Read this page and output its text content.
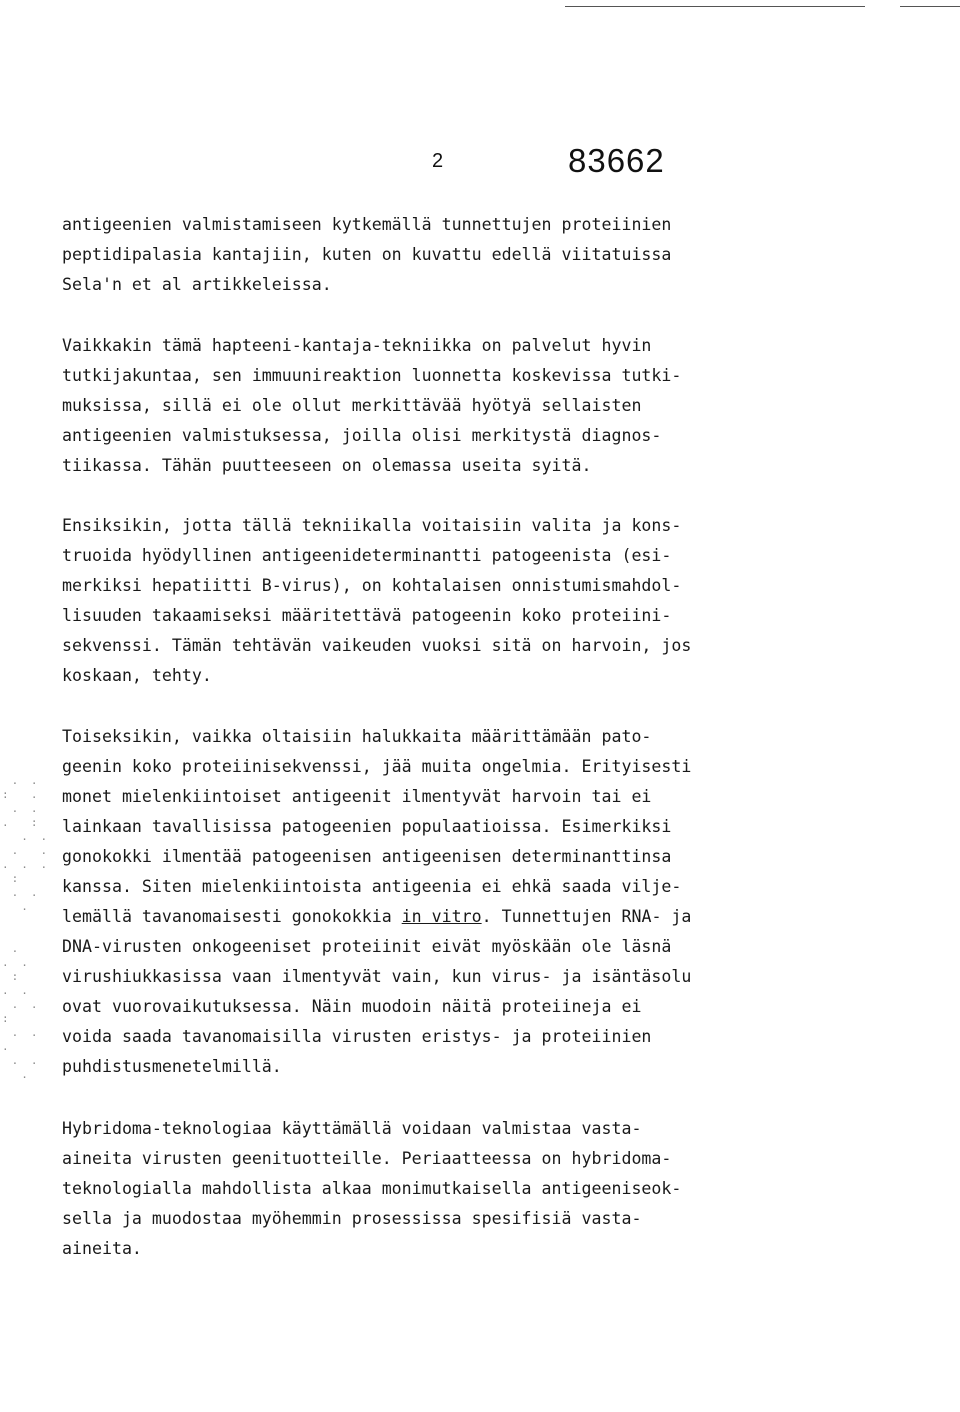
2	83662
antigeenien valmistamiseen kytkemällä tunnettujen proteiinien
peptidipalasia kantajiin, kuten on kuvattu edellä viitatuissa
Sela'n et al artikkeleissa.
Vaikkakin tämä hapteeni-kantaja-tekniikka on palvelut hyvin
tutkijakuntaa, sen immuunireaktion luonnetta koskevissa tutki-
muksissa, sillä ei ole ollut merkittävää hyötyä sellaisten
antigeenien valmistuksessa, joilla olisi merkitystä diagnos-
tiikassa. Tähän puutteeseen on olemassa useita syitä.
Ensiksikin, jotta tällä tekniikalla voitaisiin valita ja kons-
truoida hyödyllinen antigeenideterminantti patogeenista (esi-
merkiksi hepatiitti B-virus), on kohtalaisen onnistumismahdol-
lisuuden takaamiseksi määritettävä patogeenin koko proteiini-
sekvenssi. Tämän tehtävän vaikeuden vuoksi sitä on harvoin, jos
koskaan, tehty.
Toiseksikin, vaikka oltaisiin halukkaita määrittämään pato-
geenin koko proteiinisekvenssi, jää muita ongelmia. Erityisesti
monet mielenkiintoiset antigeenit ilmentyvät harvoin tai ei
lainkaan tavallisissa patogeenien populaatioissa. Esimerkiksi
gonokokki ilmentää patogeenisen antigeenisen determinanttinsa
kanssa. Siten mielenkiintoista antigeenia ei ehkä saada vilje-
lemällä tavanomaisesti gonokokkia in vitro. Tunnettujen RNA- ja
DNA-virusten onkogeeniset proteiinit eivät myöskään ole läsnä
virushiukkasissa vaan ilmentyvät vain, kun virus- ja isäntäsolu
ovat vuorovaikutuksessa. Näin muodoin näitä proteiineja ei
voida saada tavanomaisilla virusten eristys- ja proteiinien
puhdistusmenetelmillä.
Hybridoma-teknologiaa käyttämällä voidaan valmistaa vasta-
aineita virusten geenituotteille. Periaatteessa on hybridoma-
teknologialla mahdollista alkaa monimutkaisella antigeeniseok-
sella ja muodostaa myöhemmin prosessissa spesifisiä vasta-
aineita.

. .
:  .
. .
.  :
. .
.  .
. . .
:
. .
.

.
. .
:
. .
. .
:
. .
.
. .
.
